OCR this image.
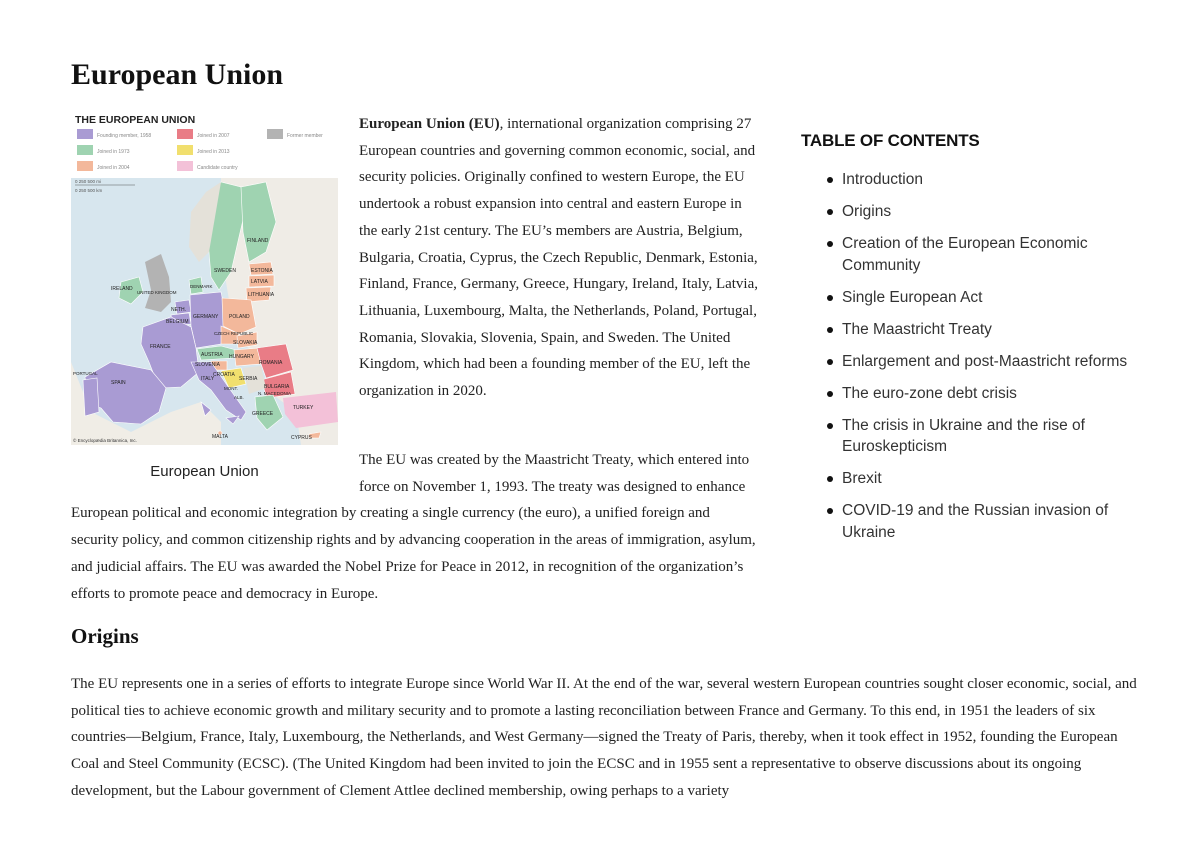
European Union
THE EUROPEAN UNION
Founding member, 1958
Joined in 1973
Joined in 2004
Joined in 2007
Joined in 2013
Candidate country
Former member
0 250 500 mi
0 250 500 km
FINLAND
SWEDEN	ESTONIA
LATVIA
LITHUANIA
IRELAND
UNITED KINGDOM
DENMARK
NETH.
BELGIUM
GERMANY POLAND
CZECH REPUBLIC
SLOVAKIA
FRANCE
AUSTRIA HUNGARY
ROMANIA
SLOVENIA
CROATIA
SERBIA
BULGARIA
N. MACEDONIA
MONT.
ALB.
PORTUGAL
SPAIN
ITALY
GREECE
TURKEY
MALTA	CYPRUS
© Encyclopædia Britannica, Inc.
European Union

European Union (EU), international organization comprising 27 European countries and governing common economic, social, and security policies. Originally confined to western Europe, the EU undertook a robust expansion into central and eastern Europe in the early 21st century. The EU’s members are Austria, Belgium, Bulgaria, Croatia, Cyprus, the Czech Republic, Denmark, Estonia, Finland, France, Germany, Greece, Hungary, Ireland, Italy, Latvia, Lithuania, Luxembourg, Malta, the Netherlands, Poland, Portugal, Romania, Slovakia, Slovenia, Spain, and Sweden. The United Kingdom, which had been a founding member of the EU, left the organization in 2020.

The EU was created by the Maastricht Treaty, which entered into force on November 1, 1993. The treaty was designed to enhance European political and economic integration by creating a single currency (the euro), a unified foreign and security policy, and common citizenship rights and by advancing cooperation in the areas of immigration, asylum, and judicial affairs. The EU was awarded the Nobel Prize for Peace in 2012, in recognition of the organization’s efforts to promote peace and democracy in Europe.
TABLE OF CONTENTS
Introduction
Origins
Creation of the European Economic Community
Single European Act
The Maastricht Treaty
Enlargement and post-Maastricht reforms
The euro-zone debt crisis
The crisis in Ukraine and the rise of Euroskepticism
Brexit
COVID-19 and the Russian invasion of Ukraine
Origins

The EU represents one in a series of efforts to integrate Europe since World War II. At the end of the war, several western European countries sought closer economic, social, and political ties to achieve economic growth and military security and to promote a lasting reconciliation between France and Germany. To this end, in 1951 the leaders of six countries—Belgium, France, Italy, Luxembourg, the Netherlands, and West Germany—signed the Treaty of Paris, thereby, when it took effect in 1952, founding the European Coal and Steel Community (ECSC). (The United Kingdom had been invited to join the ECSC and in 1955 sent a representative to observe discussions about its ongoing development, but the Labour government of Clement Attlee declined membership, owing perhaps to a variety
